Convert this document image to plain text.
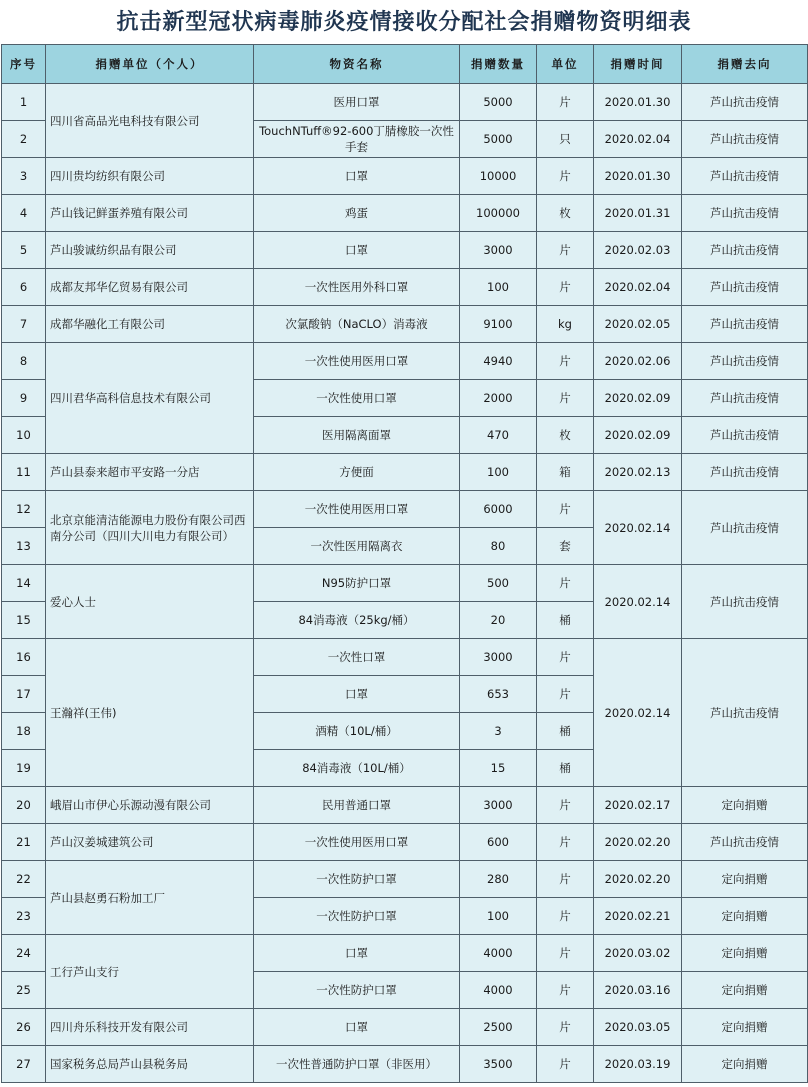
抗击新型冠状病毒肺炎疫情接收分配社会捐赠物资明细表
序号	捐赠单位（个人）	物资名称	捐赠数量	单位	捐赠时间	捐赠去向
1	四川省高品光电科技有限公司	医用口罩	5000	片	2020.01.30	芦山抗击疫情
2		TouchNTuff®92-600丁腈橡胶一次性手套	5000	只	2020.02.04	芦山抗击疫情
3	四川贵均纺织有限公司	口罩	10000	片	2020.01.30	芦山抗击疫情
4	芦山钱记鲜蛋养殖有限公司	鸡蛋	100000	枚	2020.01.31	芦山抗击疫情
5	芦山骏诚纺织品有限公司	口罩	3000	片	2020.02.03	芦山抗击疫情
6	成都友邦华亿贸易有限公司	一次性医用外科口罩	100	片	2020.02.04	芦山抗击疫情
7	成都华融化工有限公司	次氯酸钠（NaCLO）消毒液	9100	kg	2020.02.05	芦山抗击疫情
8	四川君华高科信息技术有限公司	一次性使用医用口罩	4940	片	2020.02.06	芦山抗击疫情
9		一次性使用口罩	2000	片	2020.02.09	芦山抗击疫情
10		医用隔离面罩	470	枚	2020.02.09	芦山抗击疫情
11	芦山县泰来超市平安路一分店	方便面	100	箱	2020.02.13	芦山抗击疫情
12	北京京能清洁能源电力股份有限公司西南分公司（四川大川电力有限公司）	一次性使用医用口罩	6000	片	2020.02.14	芦山抗击疫情
13		一次性医用隔离衣	80	套		
14	爱心人士	N95防护口罩	500	片	2020.02.14	芦山抗击疫情
15		84消毒液（25kg/桶）	20	桶		
16	王瀚祥(王伟)	一次性口罩	3000	片	2020.02.14	芦山抗击疫情
17		口罩	653	片		
18		酒精（10L/桶）	3	桶		
19		84消毒液（10L/桶）	15	桶		
20	峨眉山市伊心乐源动漫有限公司	民用普通口罩	3000	片	2020.02.17	定向捐赠
21	芦山汉姜城建筑公司	一次性使用医用口罩	600	片	2020.02.20	芦山抗击疫情
22	芦山县赵勇石粉加工厂	一次性防护口罩	280	片	2020.02.20	定向捐赠
23		一次性防护口罩	100	片	2020.02.21	定向捐赠
24	工行芦山支行	口罩	4000	片	2020.03.02	定向捐赠
25		一次性防护口罩	4000	片	2020.03.16	定向捐赠
26	四川舟乐科技开发有限公司	口罩	2500	片	2020.03.05	定向捐赠
27	国家税务总局芦山县税务局	一次性普通防护口罩（非医用）	3500	片	2020.03.19	定向捐赠
